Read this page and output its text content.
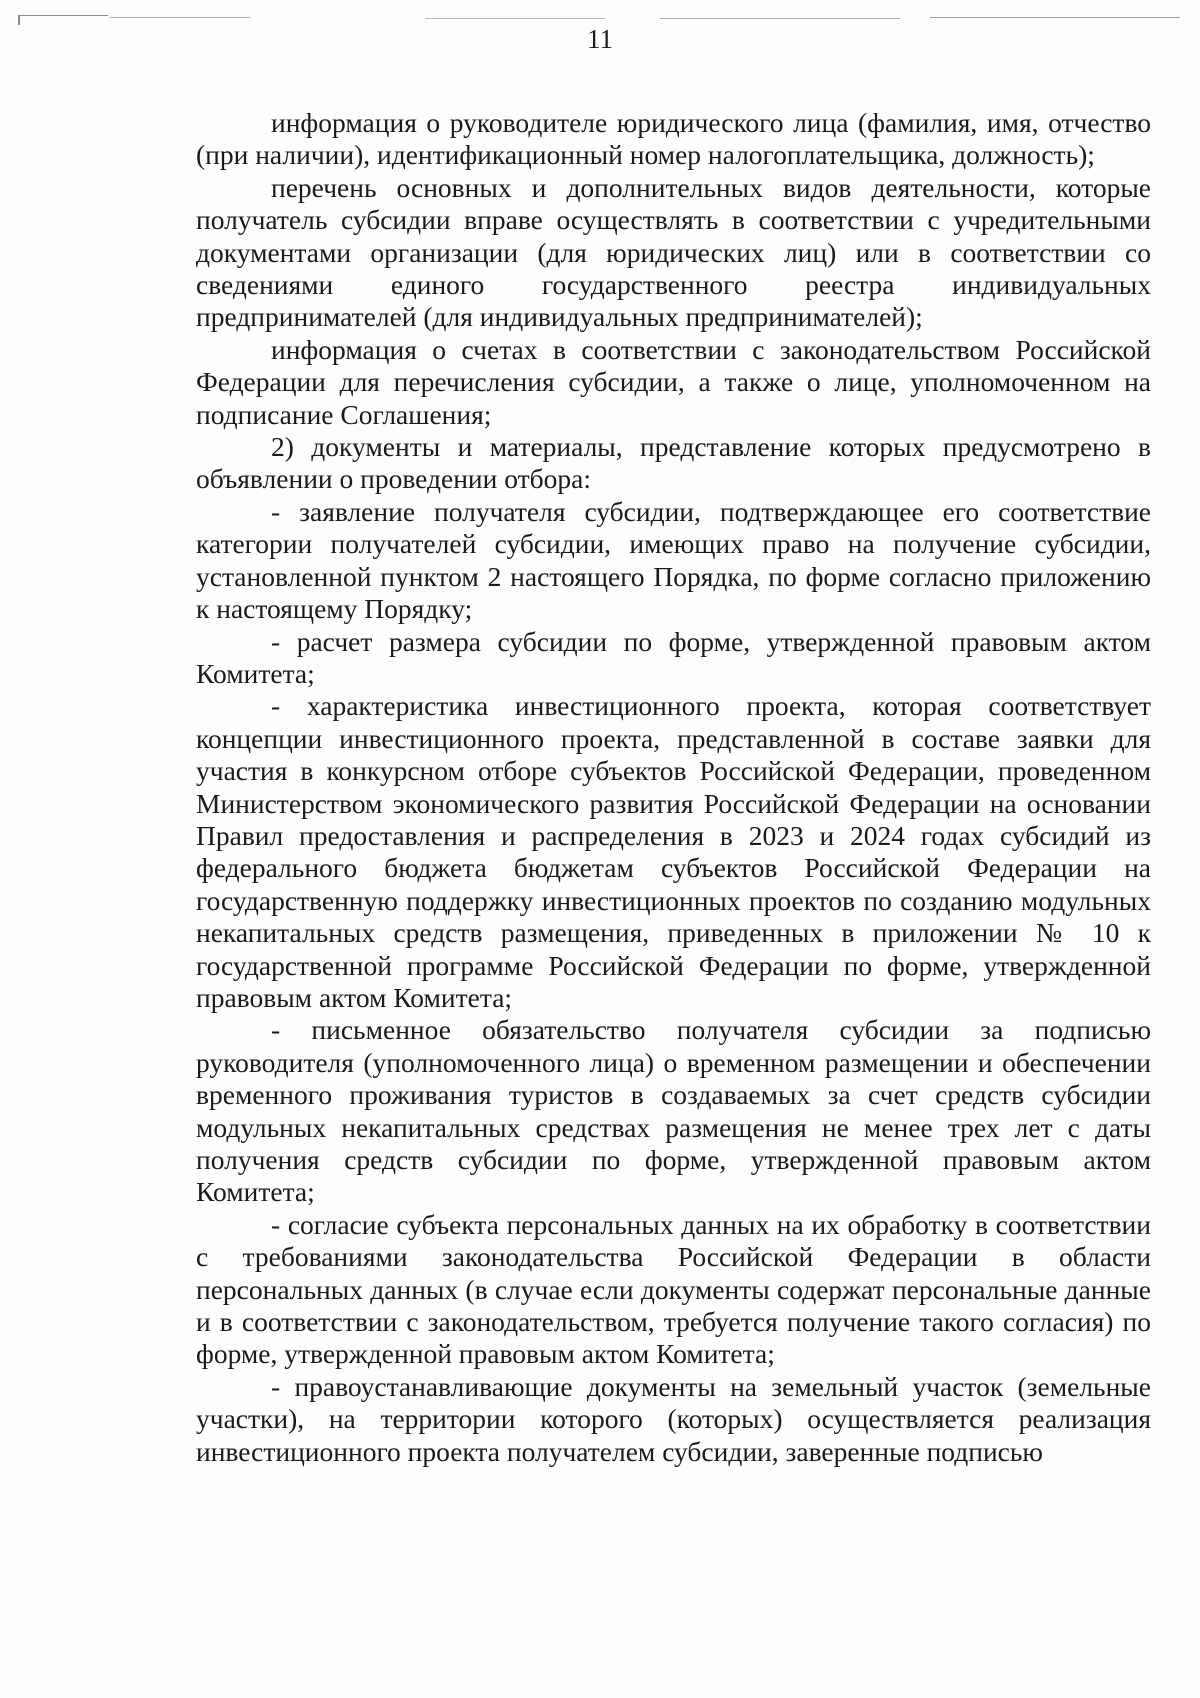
11

информация о руководителе юридического лица (фамилия, имя, отчество (при наличии), идентификационный номер налогоплательщика, должность);

перечень основных и дополнительных видов деятельности, которые получатель субсидии вправе осуществлять в соответствии с учредительными документами организации (для юридических лиц) или в соответствии со сведениями единого государственного реестра индивидуальных предпринимателей (для индивидуальных предпринимателей);

информация о счетах в соответствии с законодательством Российской Федерации для перечисления субсидии, а также о лице, уполномоченном на подписание Соглашения;

2) документы и материалы, представление которых предусмотрено в объявлении о проведении отбора:

- заявление получателя субсидии, подтверждающее его соответствие категории получателей субсидии, имеющих право на получение субсидии, установленной пунктом 2 настоящего Порядка, по форме согласно приложению к настоящему Порядку;

- расчет размера субсидии по форме, утвержденной правовым актом Комитета;

- характеристика инвестиционного проекта, которая соответствует концепции инвестиционного проекта, представленной в составе заявки для участия в конкурсном отборе субъектов Российской Федерации, проведенном Министерством экономического развития Российской Федерации на основании Правил предоставления и распределения в 2023 и 2024 годах субсидий из федерального бюджета бюджетам субъектов Российской Федерации на государственную поддержку инвестиционных проектов по созданию модульных некапитальных средств размещения, приведенных в приложении № 10 к государственной программе Российской Федерации по форме, утвержденной правовым актом Комитета;

- письменное обязательство получателя субсидии за подписью руководителя (уполномоченного лица) о временном размещении и обеспечении временного проживания туристов в создаваемых за счет средств субсидии модульных некапитальных средствах размещения не менее трех лет с даты получения средств субсидии по форме, утвержденной правовым актом Комитета;

- согласие субъекта персональных данных на их обработку в соответствии с требованиями законодательства Российской Федерации в области персональных данных (в случае если документы содержат персональные данные и в соответствии с законодательством, требуется получение такого согласия) по форме, утвержденной правовым актом Комитета;

- правоустанавливающие документы на земельный участок (земельные участки), на территории которого (которых) осуществляется реализация инвестиционного проекта получателем субсидии, заверенные подписью
